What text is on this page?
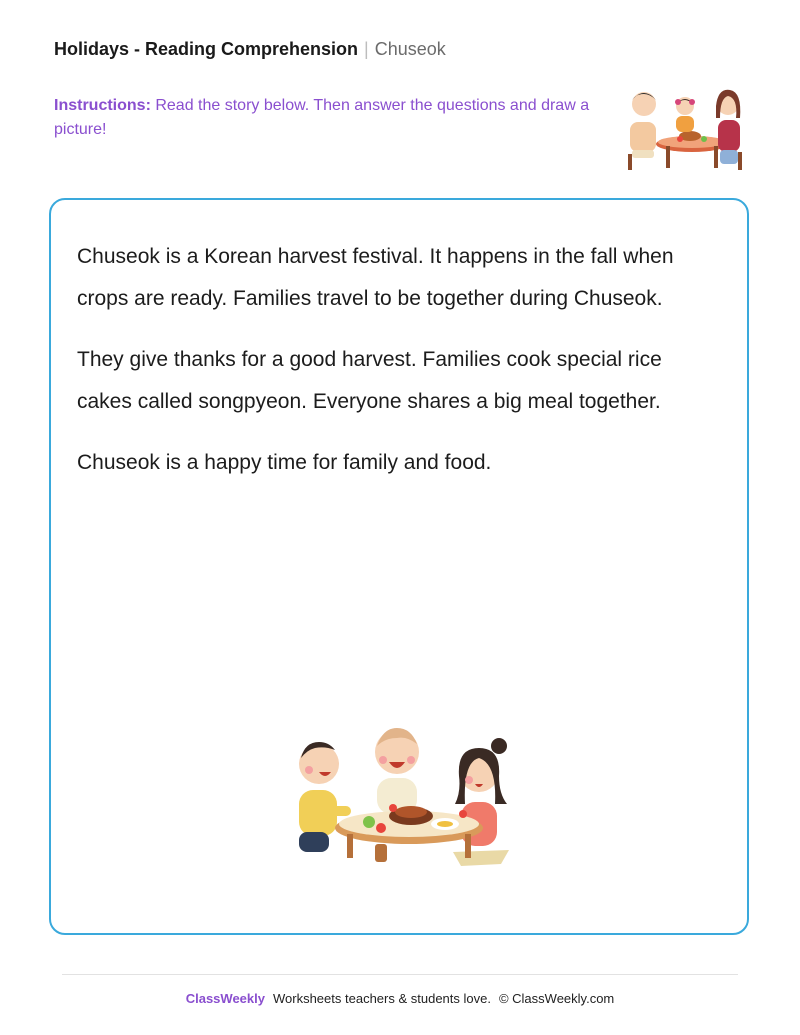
Holidays - Reading Comprehension | Chuseok
Instructions: Read the story below. Then answer the questions and draw a picture!

Chuseok is a Korean harvest festival. It happens in the fall when crops are ready. Families travel to be together during Chuseok.

They give thanks for a good harvest. Families cook special rice cakes called songpyeon. Everyone shares a big meal together.

Chuseok is a happy time for family and food.

ClassWeekly Worksheets teachers & students love. © ClassWeekly.com
